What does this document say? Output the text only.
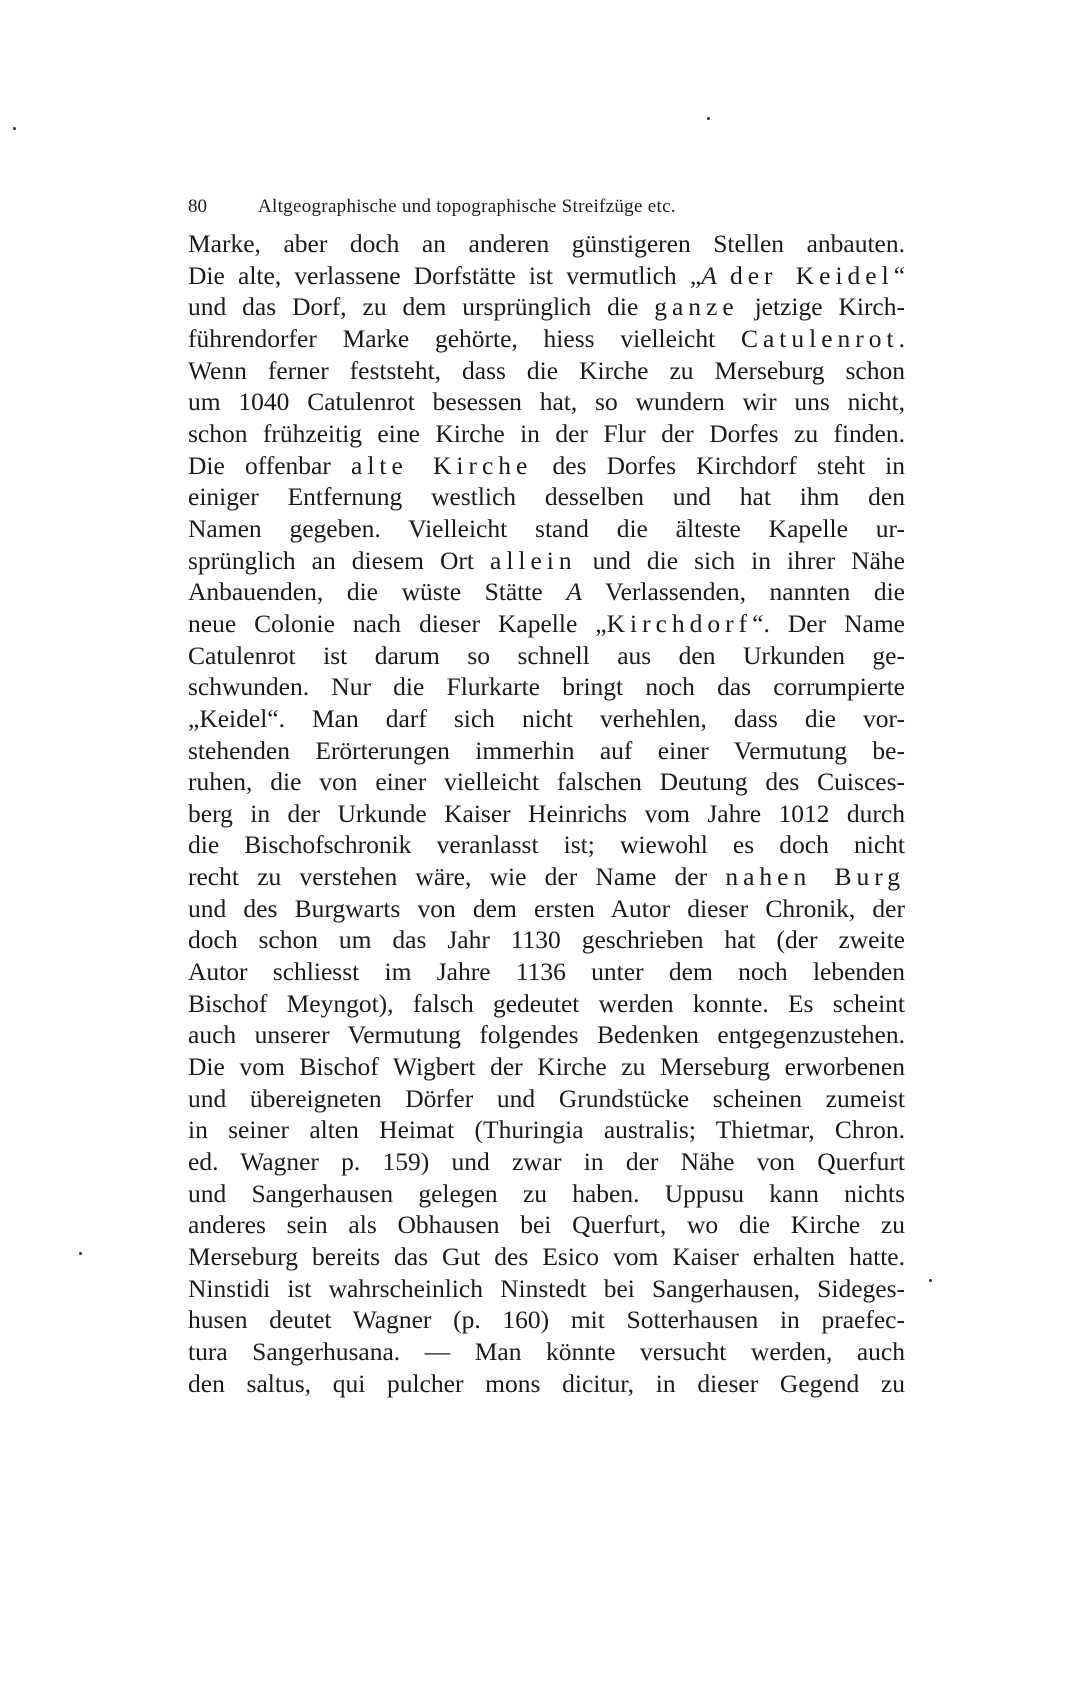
80	Altgeographische und topographische Streifzüge etc.
Marke, aber doch an anderen günstigeren Stellen anbauten.
Die alte, verlassene Dorfstätte ist vermutlich „A der Keidel“
und das Dorf, zu dem ursprünglich die ganze jetzige Kirch-
führendorfer Marke gehörte, hiess vielleicht Catulenrot.
Wenn ferner feststeht, dass die Kirche zu Merseburg schon
um 1040 Catulenrot besessen hat, so wundern wir uns nicht,
schon frühzeitig eine Kirche in der Flur der Dorfes zu finden.
Die offenbar alte Kirche des Dorfes Kirchdorf steht in
einiger Entfernung westlich desselben und hat ihm den
Namen gegeben. Vielleicht stand die älteste Kapelle ur-
sprünglich an diesem Ort allein und die sich in ihrer Nähe
Anbauenden, die wüste Stätte A Verlassenden, nannten die
neue Colonie nach dieser Kapelle „Kirchdorf“. Der Name
Catulenrot ist darum so schnell aus den Urkunden ge-
schwunden. Nur die Flurkarte bringt noch das corrumpierte
„Keidel“. Man darf sich nicht verhehlen, dass die vor-
stehenden Erörterungen immerhin auf einer Vermutung be-
ruhen, die von einer vielleicht falschen Deutung des Cuisces-
berg in der Urkunde Kaiser Heinrichs vom Jahre 1012 durch
die Bischofschronik veranlasst ist; wiewohl es doch nicht
recht zu verstehen wäre, wie der Name der nahen Burg
und des Burgwarts von dem ersten Autor dieser Chronik, der
doch schon um das Jahr 1130 geschrieben hat (der zweite
Autor schliesst im Jahre 1136 unter dem noch lebenden
Bischof Meyngot), falsch gedeutet werden konnte. Es scheint
auch unserer Vermutung folgendes Bedenken entgegenzustehen.
Die vom Bischof Wigbert der Kirche zu Merseburg erworbenen
und übereigneten Dörfer und Grundstücke scheinen zumeist
in seiner alten Heimat (Thuringia australis; Thietmar, Chron.
ed. Wagner p. 159) und zwar in der Nähe von Querfurt
und Sangerhausen gelegen zu haben. Uppusu kann nichts
anderes sein als Obhausen bei Querfurt, wo die Kirche zu
Merseburg bereits das Gut des Esico vom Kaiser erhalten hatte.
Ninstidi ist wahrscheinlich Ninstedt bei Sangerhausen, Sideges-
husen deutet Wagner (p. 160) mit Sotterhausen in praefec-
tura Sangerhusana. — Man könnte versucht werden, auch
den saltus, qui pulcher mons dicitur, in dieser Gegend zu
